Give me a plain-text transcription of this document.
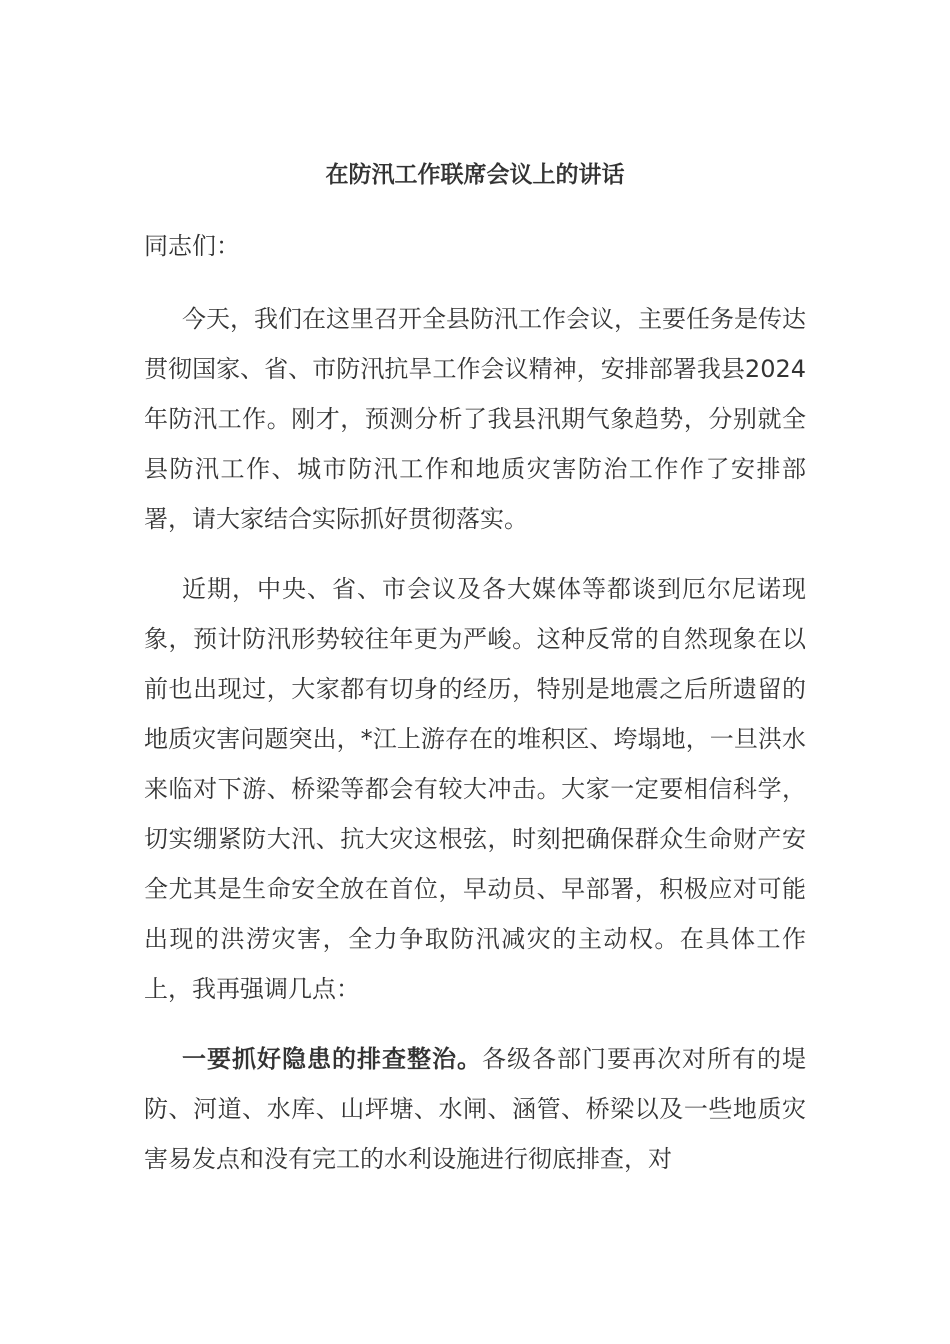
在防汛工作联席会议上的讲话
同志们：

今天，我们在这里召开全县防汛工作会议，主要任务是传达贯彻国家、省、市防汛抗旱工作会议精神，安排部署我县2024年防汛工作。刚才，预测分析了我县汛期气象趋势，分别就全县防汛工作、城市防汛工作和地质灾害防治工作作了安排部署，请大家结合实际抓好贯彻落实。

近期，中央、省、市会议及各大媒体等都谈到厄尔尼诺现象，预计防汛形势较往年更为严峻。这种反常的自然现象在以前也出现过，大家都有切身的经历，特别是地震之后所遗留的地质灾害问题突出，*江上游存在的堆积区、垮塌地，一旦洪水来临对下游、桥梁等都会有较大冲击。大家一定要相信科学，切实绷紧防大汛、抗大灾这根弦，时刻把确保群众生命财产安全尤其是生命安全放在首位，早动员、早部署，积极应对可能出现的洪涝灾害，全力争取防汛减灾的主动权。在具体工作上，我再强调几点：

一要抓好隐患的排查整治。各级各部门要再次对所有的堤防、河道、水库、山坪塘、水闸、涵管、桥梁以及一些地质灾害易发点和没有完工的水利设施进行彻底排查，对
